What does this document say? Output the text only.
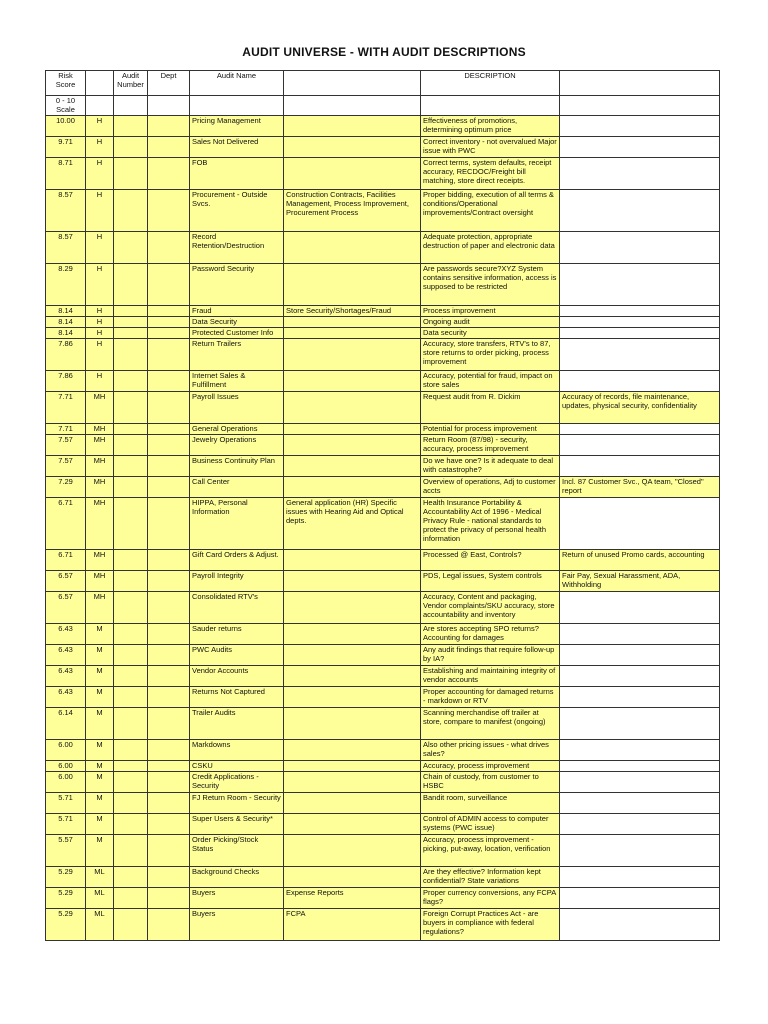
AUDIT UNIVERSE - WITH AUDIT DESCRIPTIONS
Risk Score		Audit Number	Dept	Audit Name		DESCRIPTION	
0 - 10 Scale							
10.00	H			Pricing Management		Effectiveness of promotions, determining optimum price	
9.71	H			Sales Not Delivered		Correct inventory - not overvalued Major issue with PWC	
8.71	H			FOB		Correct terms, system defaults, receipt accuracy, RECDOC/Freight bill matching, store direct receipts.	
8.57	H			Procurement - Outside Svcs.	Construction Contracts, Facilities Management, Process Improvement, Procurement Process	Proper bidding, execution of all terms & conditions/Operational improvements/Contract oversight	
8.57	H			Record Retention/Destruction		Adequate protection, appropriate destruction of paper and electronic data	
8.29	H			Password Security		Are passwords secure?XYZ System contains sensitive information, access is supposed to be restricted	
8.14	H			Fraud	Store Security/Shortages/Fraud	Process improvement	
8.14	H			Data Security		Ongoing audit	
8.14	H			Protected Customer Info		Data security	
7.86	H			Return Trailers		Accuracy, store transfers, RTV's to 87, store returns to order picking, process improvement	
7.86	H			Internet Sales & Fulfillment		Accuracy, potential for fraud, impact on store sales	
7.71	MH			Payroll Issues		Request audit from R. Dickim	Accuracy of records, file maintenance, updates, physical security, confidentiality
7.71	MH			General Operations		Potential for process improvement	
7.57	MH			Jewelry Operations		Return Room (87/98) - security, accuracy, process improvement	
7.57	MH			Business Continuity Plan		Do we have one? Is it adequate to deal with catastrophe?	
7.29	MH			Call Center		Overview of operations, Adj to customer accts	Incl. 87 Customer Svc., QA team, "Closed" report
6.71	MH			HIPPA, Personal Information	General application (HR) Specific issues with Hearing Aid and Optical depts.	Health Insurance Portability & Accountability Act of 1996 - Medical Privacy Rule - national standards to protect the privacy of personal health information	
6.71	MH			Gift Card Orders & Adjust.		Processed @ East, Controls?	Return of unused Promo cards, accounting
6.57	MH			Payroll Integrity		PDS, Legal issues, System controls	Fair Pay, Sexual Harassment, ADA, Withholding
6.57	MH			Consolidated RTV's		Accuracy, Content and packaging, Vendor complaints/SKU accuracy, store accountability and inventory	
6.43	M			Sauder returns		Are stores accepting SPO returns? Accounting for damages	
6.43	M			PWC Audits		Any audit findings that require follow-up by IA?	
6.43	M			Vendor Accounts		Establishing and maintaining integrity of vendor accounts	
6.43	M			Returns Not Captured		Proper accounting for damaged returns - markdown or RTV	
6.14	M			Trailer Audits		Scanning merchandise off trailer at store, compare to manifest (ongoing)	
6.00	M			Markdowns		Also other pricing issues - what drives sales?	
6.00	M			CSKU		Accuracy, process improvement	
6.00	M			Credit Applications - Security		Chain of custody, from customer to HSBC	
5.71	M			FJ Return Room - Security		Bandit room, surveillance	
5.71	M			Super Users & Security*		Control of ADMIN access to computer systems (PWC issue)	
5.57	M			Order Picking/Stock Status		Accuracy, process improvement - picking, put-away, location, verification	
5.29	ML			Background Checks		Are they effective? Information kept confidential? State variations	
5.29	ML			Buyers	Expense Reports	Proper currency conversions, any FCPA flags?	
5.29	ML			Buyers	FCPA	Foreign Corrupt Practices Act - are buyers in compliance with federal regulations?	
